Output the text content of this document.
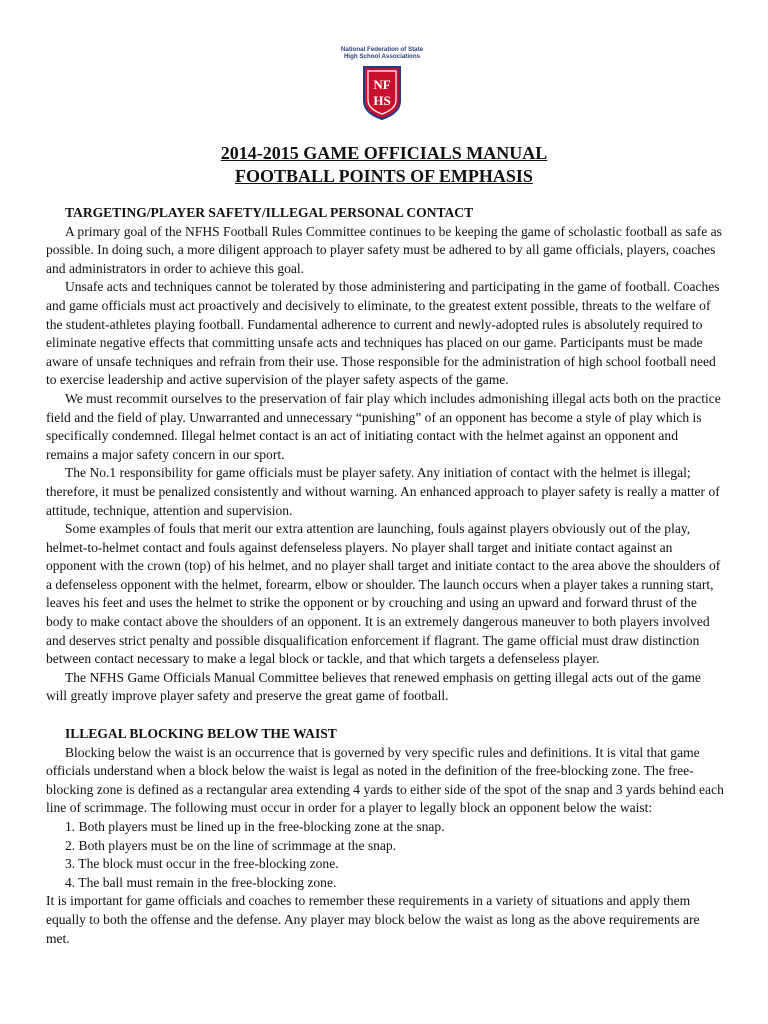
National Federation of State
High School Associations
NF
HS
2014-2015 GAME OFFICIALS MANUAL
FOOTBALL POINTS OF EMPHASIS
TARGETING/PLAYER SAFETY/ILLEGAL PERSONAL CONTACT

A primary goal of the NFHS Football Rules Committee continues to be keeping the game of scholastic football as safe as possible. In doing such, a more diligent approach to player safety must be adhered to by all game officials, players, coaches and administrators in order to achieve this goal.

Unsafe acts and techniques cannot be tolerated by those administering and participating in the game of football. Coaches and game officials must act proactively and decisively to eliminate, to the greatest extent possible, threats to the welfare of the student-athletes playing football. Fundamental adherence to current and newly-adopted rules is absolutely required to eliminate negative effects that committing unsafe acts and techniques has placed on our game. Participants must be made aware of unsafe techniques and refrain from their use. Those responsible for the administration of high school football need to exercise leadership and active supervision of the player safety aspects of the game.

We must recommit ourselves to the preservation of fair play which includes admonishing illegal acts both on the practice field and the field of play. Unwarranted and unnecessary “punishing” of an opponent has become a style of play which is specifically condemned. Illegal helmet contact is an act of initiating contact with the helmet against an opponent and remains a major safety concern in our sport.

The No.1 responsibility for game officials must be player safety. Any initiation of contact with the helmet is illegal; therefore, it must be penalized consistently and without warning. An enhanced approach to player safety is really a matter of attitude, technique, attention and supervision.

Some examples of fouls that merit our extra attention are launching, fouls against players obviously out of the play, helmet-to-helmet contact and fouls against defenseless players. No player shall target and initiate contact against an opponent with the crown (top) of his helmet, and no player shall target and initiate contact to the area above the shoulders of a defenseless opponent with the helmet, forearm, elbow or shoulder. The launch occurs when a player takes a running start, leaves his feet and uses the helmet to strike the opponent or by crouching and using an upward and forward thrust of the body to make contact above the shoulders of an opponent. It is an extremely dangerous maneuver to both players involved and deserves strict penalty and possible disqualification enforcement if flagrant. The game official must draw distinction between contact necessary to make a legal block or tackle, and that which targets a defenseless player.

The NFHS Game Officials Manual Committee believes that renewed emphasis on getting illegal acts out of the game will greatly improve player safety and preserve the great game of football.

ILLEGAL BLOCKING BELOW THE WAIST

Blocking below the waist is an occurrence that is governed by very specific rules and definitions. It is vital that game officials understand when a block below the waist is legal as noted in the definition of the free-blocking zone. The free-blocking zone is defined as a rectangular area extending 4 yards to either side of the spot of the snap and 3 yards behind each line of scrimmage. The following must occur in order for a player to legally block an opponent below the waist:

1. Both players must be lined up in the free-blocking zone at the snap.

2. Both players must be on the line of scrimmage at the snap.

3. The block must occur in the free-blocking zone.

4. The ball must remain in the free-blocking zone.

It is important for game officials and coaches to remember these requirements in a variety of situations and apply them equally to both the offense and the defense. Any player may block below the waist as long as the above requirements are met.
